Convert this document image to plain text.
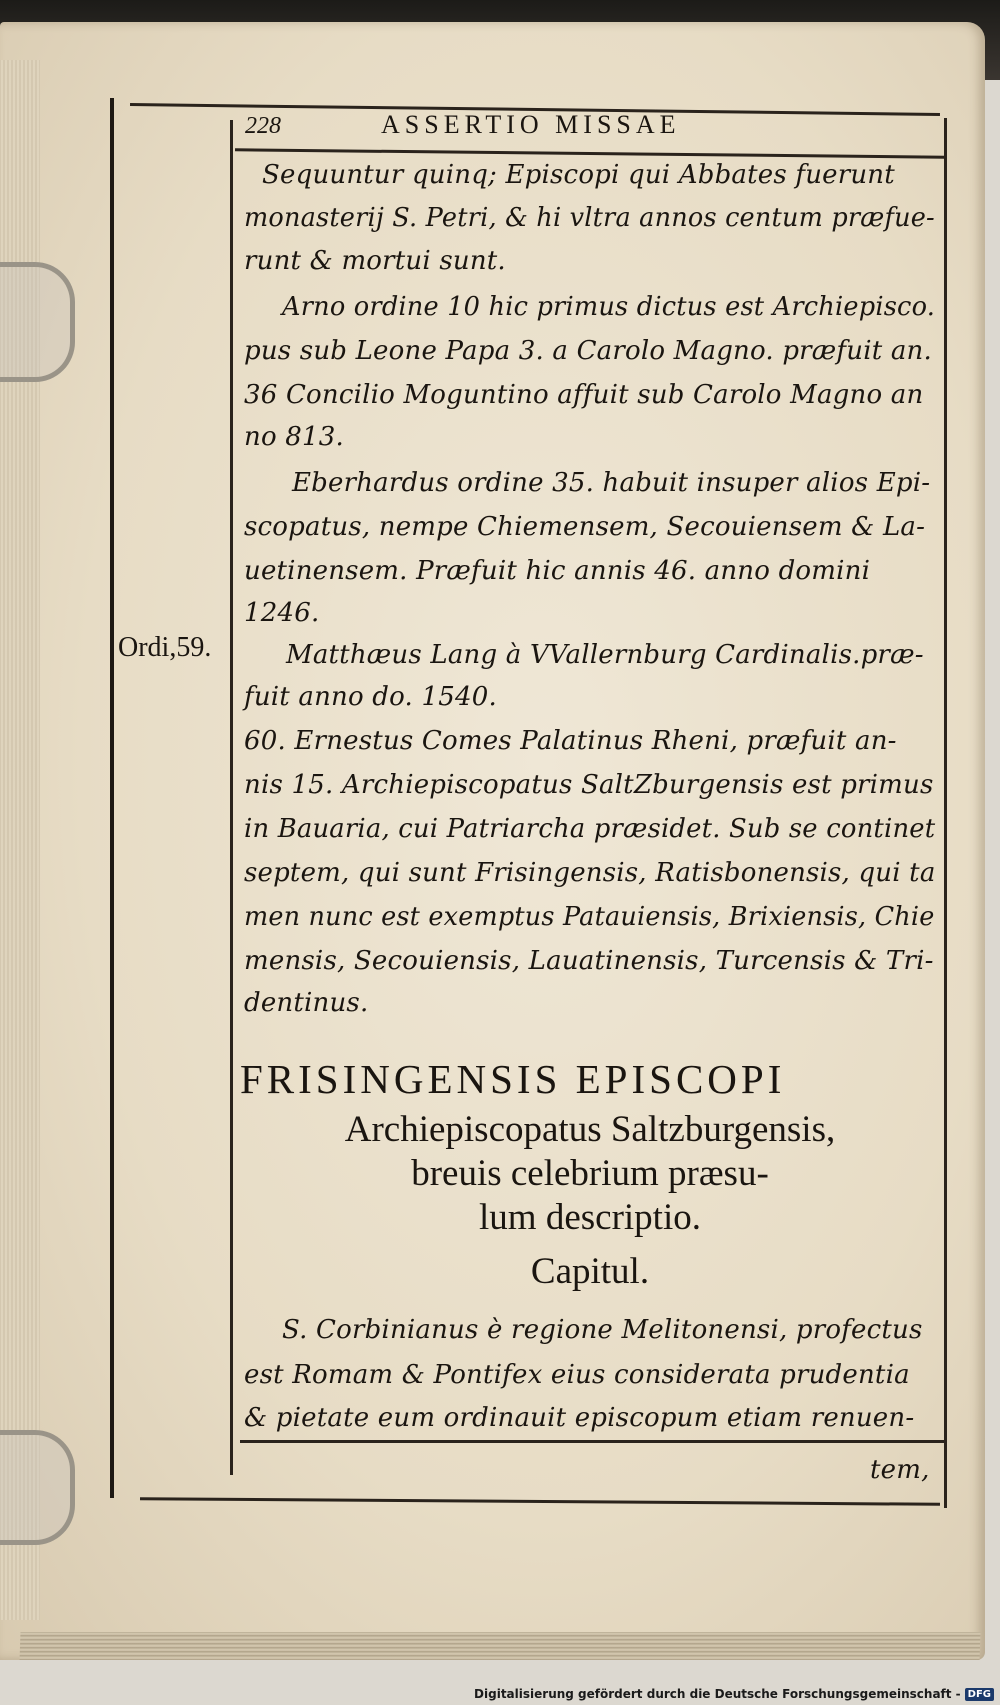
228	ASSERTIO MISSAE
Ordi,59.
Sequuntur quinq; Episcopi qui Abbates fuerunt
monasterij S. Petri, & hi vltra annos centum præfue-
runt & mortui sunt.
Arno ordine 10 hic primus dictus est Archiepisco.
pus sub Leone Papa 3. a Carolo Magno. præfuit an.
36 Concilio Moguntino affuit sub Carolo Magno an
no 813.
Eberhardus ordine 35. habuit insuper alios Epi-
scopatus, nempe Chiemensem, Secouiensem & La-
uetinensem. Præfuit hic annis 46. anno domini
1246.
Matthæus Lang à VVallernburg Cardinalis.præ-
fuit anno do. 1540.
60. Ernestus Comes Palatinus Rheni, præfuit an-
nis 15. Archiepiscopatus SaltZburgensis est primus
in Bauaria, cui Patriarcha præsidet. Sub se continet
septem, qui sunt Frisingensis, Ratisbonensis, qui ta
men nunc est exemptus Patauiensis, Brixiensis, Chie
mensis, Secouiensis, Lauatinensis, Turcensis & Tri-
dentinus.
FRISINGENSIS EPISCOPI
Archiepiscopatus Saltzburgensis,
breuis celebrium præsu-
lum descriptio.
Capitul.
S. Corbinianus è regione Melitonensi, profectus
est Romam & Pontifex eius considerata prudentia
& pietate eum ordinauit episcopum etiam renuen-
tem,
Digitalisierung gefördert durch die Deutsche Forschungsgemeinschaft - DFG
